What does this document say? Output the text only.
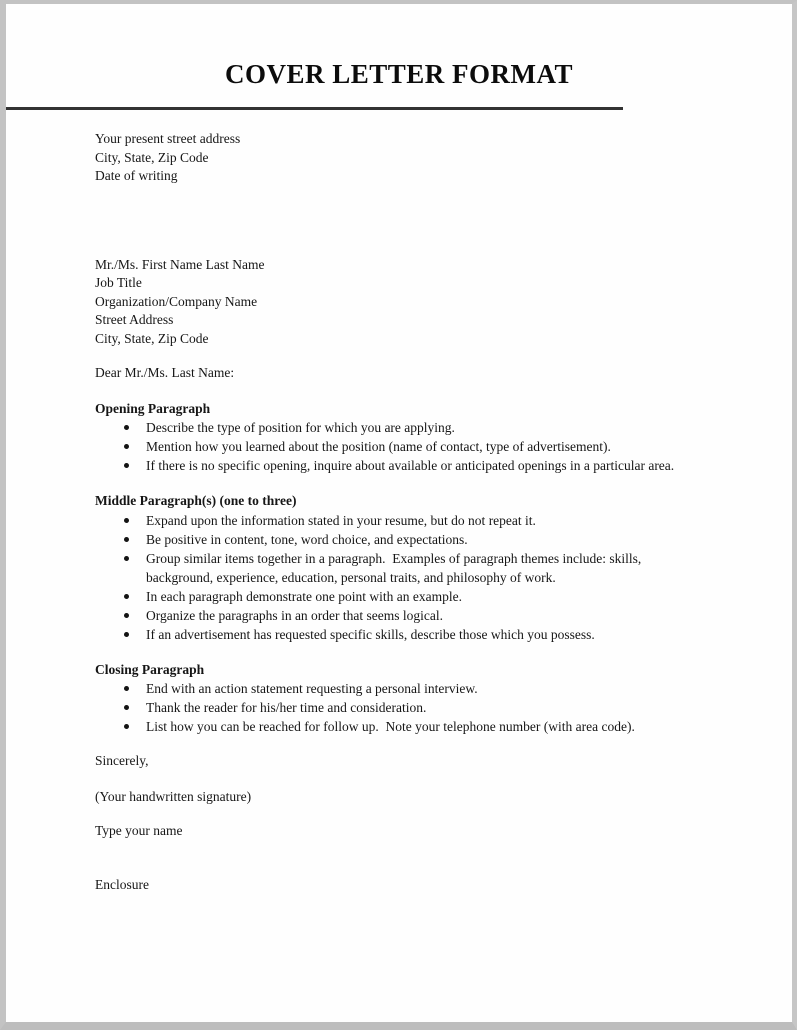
COVER LETTER FORMAT
Your present street address
City, State, Zip Code
Date of writing
Mr./Ms. First Name Last Name
Job Title
Organization/Company Name
Street Address
City, State, Zip Code
Dear Mr./Ms. Last Name:
Opening Paragraph
Describe the type of position for which you are applying.
Mention how you learned about the position (name of contact, type of advertisement).
If there is no specific opening, inquire about available or anticipated openings in a particular area.
Middle Paragraph(s) (one to three)
Expand upon the information stated in your resume, but do not repeat it.
Be positive in content, tone, word choice, and expectations.
Group similar items together in a paragraph.  Examples of paragraph themes include: skills, background, experience, education, personal traits, and philosophy of work.
In each paragraph demonstrate one point with an example.
Organize the paragraphs in an order that seems logical.
If an advertisement has requested specific skills, describe those which you possess.
Closing Paragraph
End with an action statement requesting a personal interview.
Thank the reader for his/her time and consideration.
List how you can be reached for follow up.  Note your telephone number (with area code).
Sincerely,
(Your handwritten signature)
Type your name
Enclosure
